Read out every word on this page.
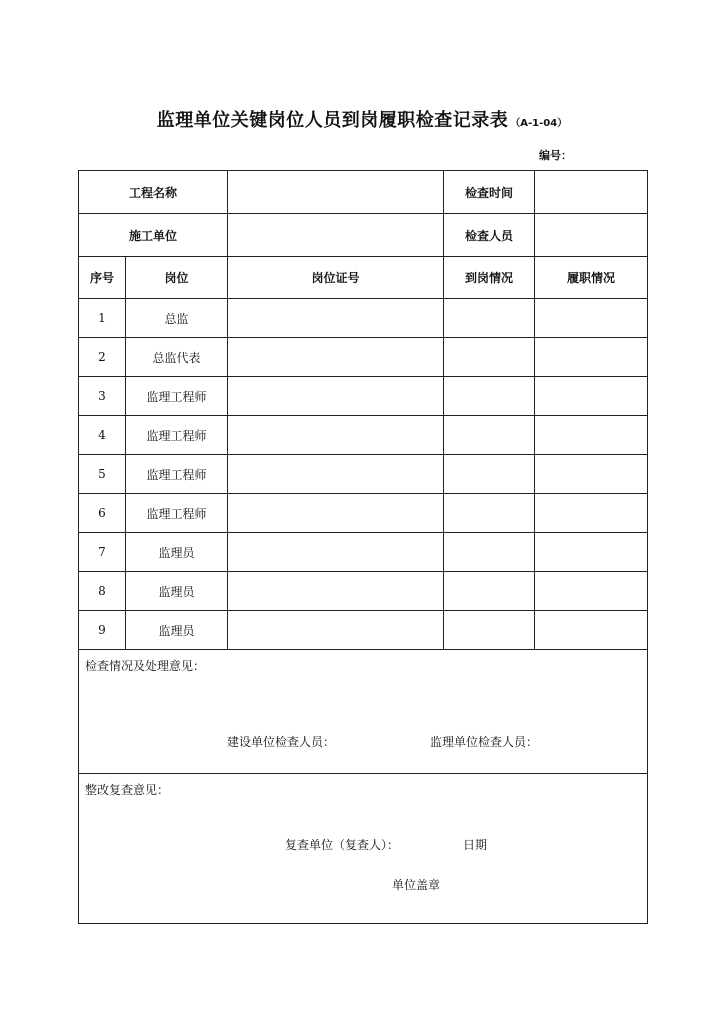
监理单位关键岗位人员到岗履职检查记录表 （A-1-04）
编号：
工程名称			检查时间	
施工单位			检查人员	
序号	岗位	岗位证号	到岗情况	履职情况
1	总监			
2	总监代表			
3	监理工程师			
4	监理工程师			
5	监理工程师			
6	监理工程师			
7	监理员			
8	监理员			
9	监理员			

检查情况及处理意见：
建设单位检查人员： 监理单位检查人员：				

整改复查意见：
复查单位（复查人）： 日期
单位盖章				
